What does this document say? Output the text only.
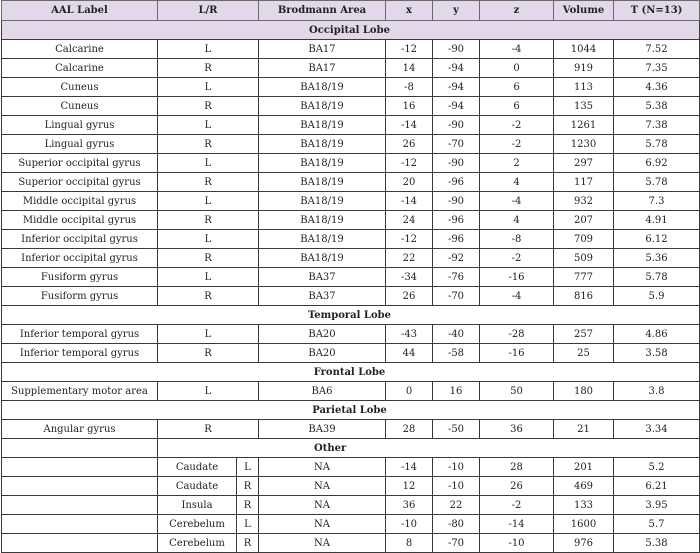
AAL Label	L/R		Brodmann Area	x	y	z	Volume	T (N=13)

Occipital Lobe								

Calcarine	L		BA17	-12	-90	-4	1044	7.52
Calcarine	R		BA17	14	-94	0	919	7.35
Cuneus	L		BA18/19	-8	-94	6	113	4.36
Cuneus	R		BA18/19	16	-94	6	135	5.38
Lingual gyrus	L		BA18/19	-14	-90	-2	1261	7.38
Lingual gyrus	R		BA18/19	26	-70	-2	1230	5.78
Superior occipital gyrus	L		BA18/19	-12	-90	2	297	6.92
Superior occipital gyrus	R		BA18/19	20	-96	4	117	5.78
Middle occipital gyrus	L		BA18/19	-14	-90	-4	932	7.3
Middle occipital gyrus	R		BA18/19	24	-96	4	207	4.91
Inferior occipital gyrus	L		BA18/19	-12	-96	-8	709	6.12
Inferior occipital gyrus	R		BA18/19	22	-92	-2	509	5.36
Fusiform gyrus	L		BA37	-34	-76	-16	777	5.78
Fusiform gyrus	R		BA37	26	-70	-4	816	5.9

Temporal Lobe								

Inferior temporal gyrus	L		BA20	-43	-40	-28	257	4.86
Inferior temporal gyrus	R		BA20	44	-58	-16	25	3.58

Frontal Lobe								

Supplementary motor area	L		BA6	0	16	50	180	3.8

Parietal Lobe								

Angular gyrus	R		BA39	28	-50	36	21	3.34
	Other							
	Caudate	L	NA	-14	-10	28	201	5.2
	Caudate	R	NA	12	-10	26	469	6.21
	Insula	R	NA	36	22	-2	133	3.95
	Cerebelum	L	NA	-10	-80	-14	1600	5.7
	Cerebelum	R	NA	8	-70	-10	976	5.38
